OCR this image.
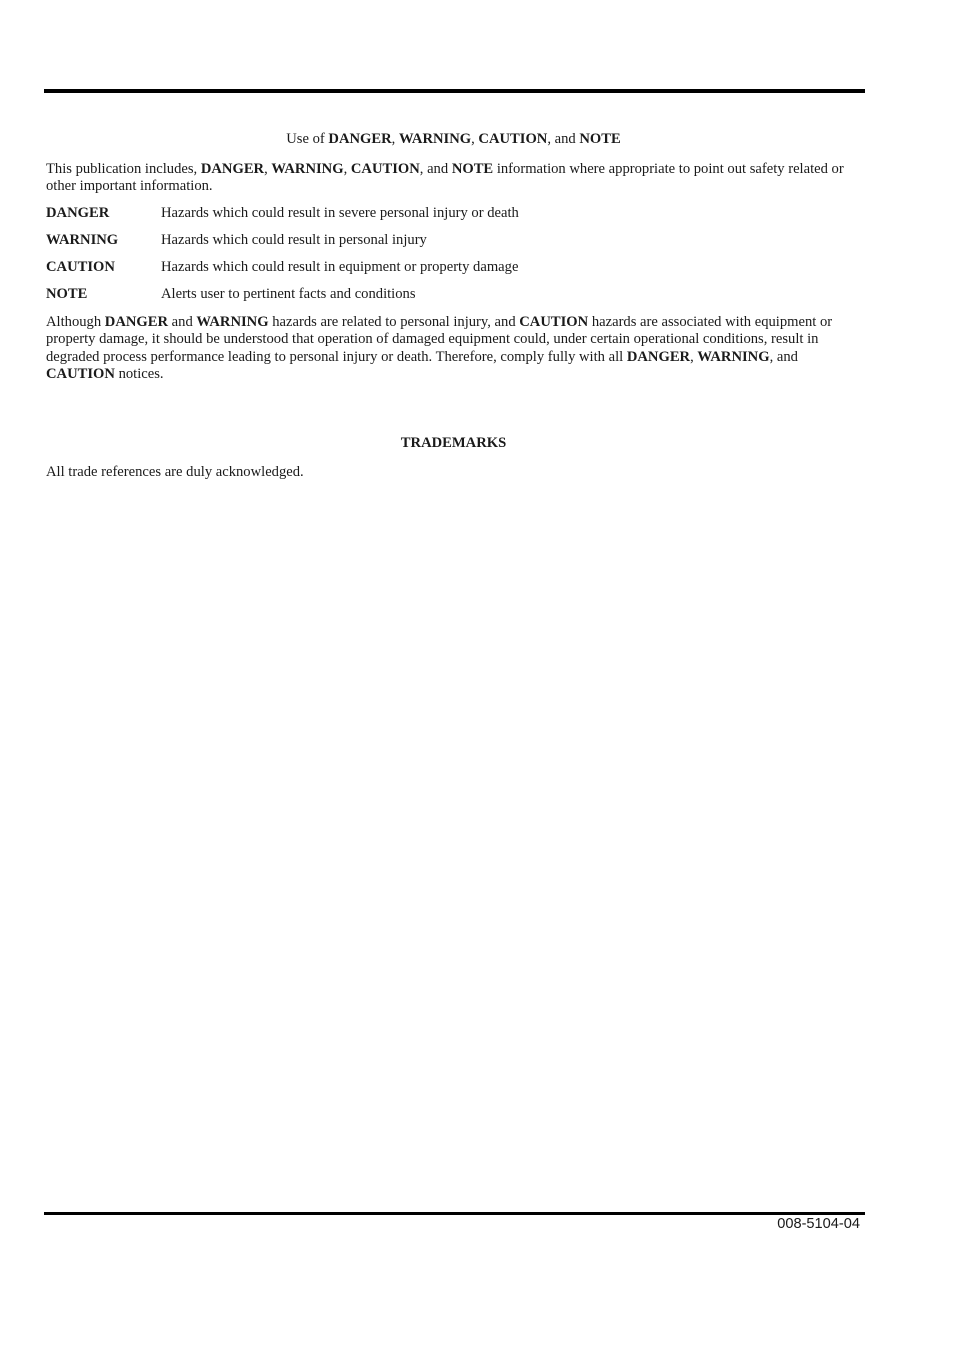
Use of DANGER, WARNING, CAUTION, and NOTE

This publication includes, DANGER, WARNING, CAUTION, and NOTE information where appropriate to point out safety related or other important information.

DANGER	Hazards which could result in severe personal injury or death
WARNING	Hazards which could result in personal injury
CAUTION	Hazards which could result in equipment or property damage
NOTE	Alerts user to pertinent facts and conditions

Although DANGER and WARNING hazards are related to personal injury, and CAUTION hazards are associated with equipment or property damage, it should be understood that operation of damaged equipment could, under certain operational conditions, result in degraded process performance leading to personal injury or death. Therefore, comply fully with all DANGER, WARNING, and CAUTION notices.

TRADEMARKS

All trade references are duly acknowledged.

008-5104-04
